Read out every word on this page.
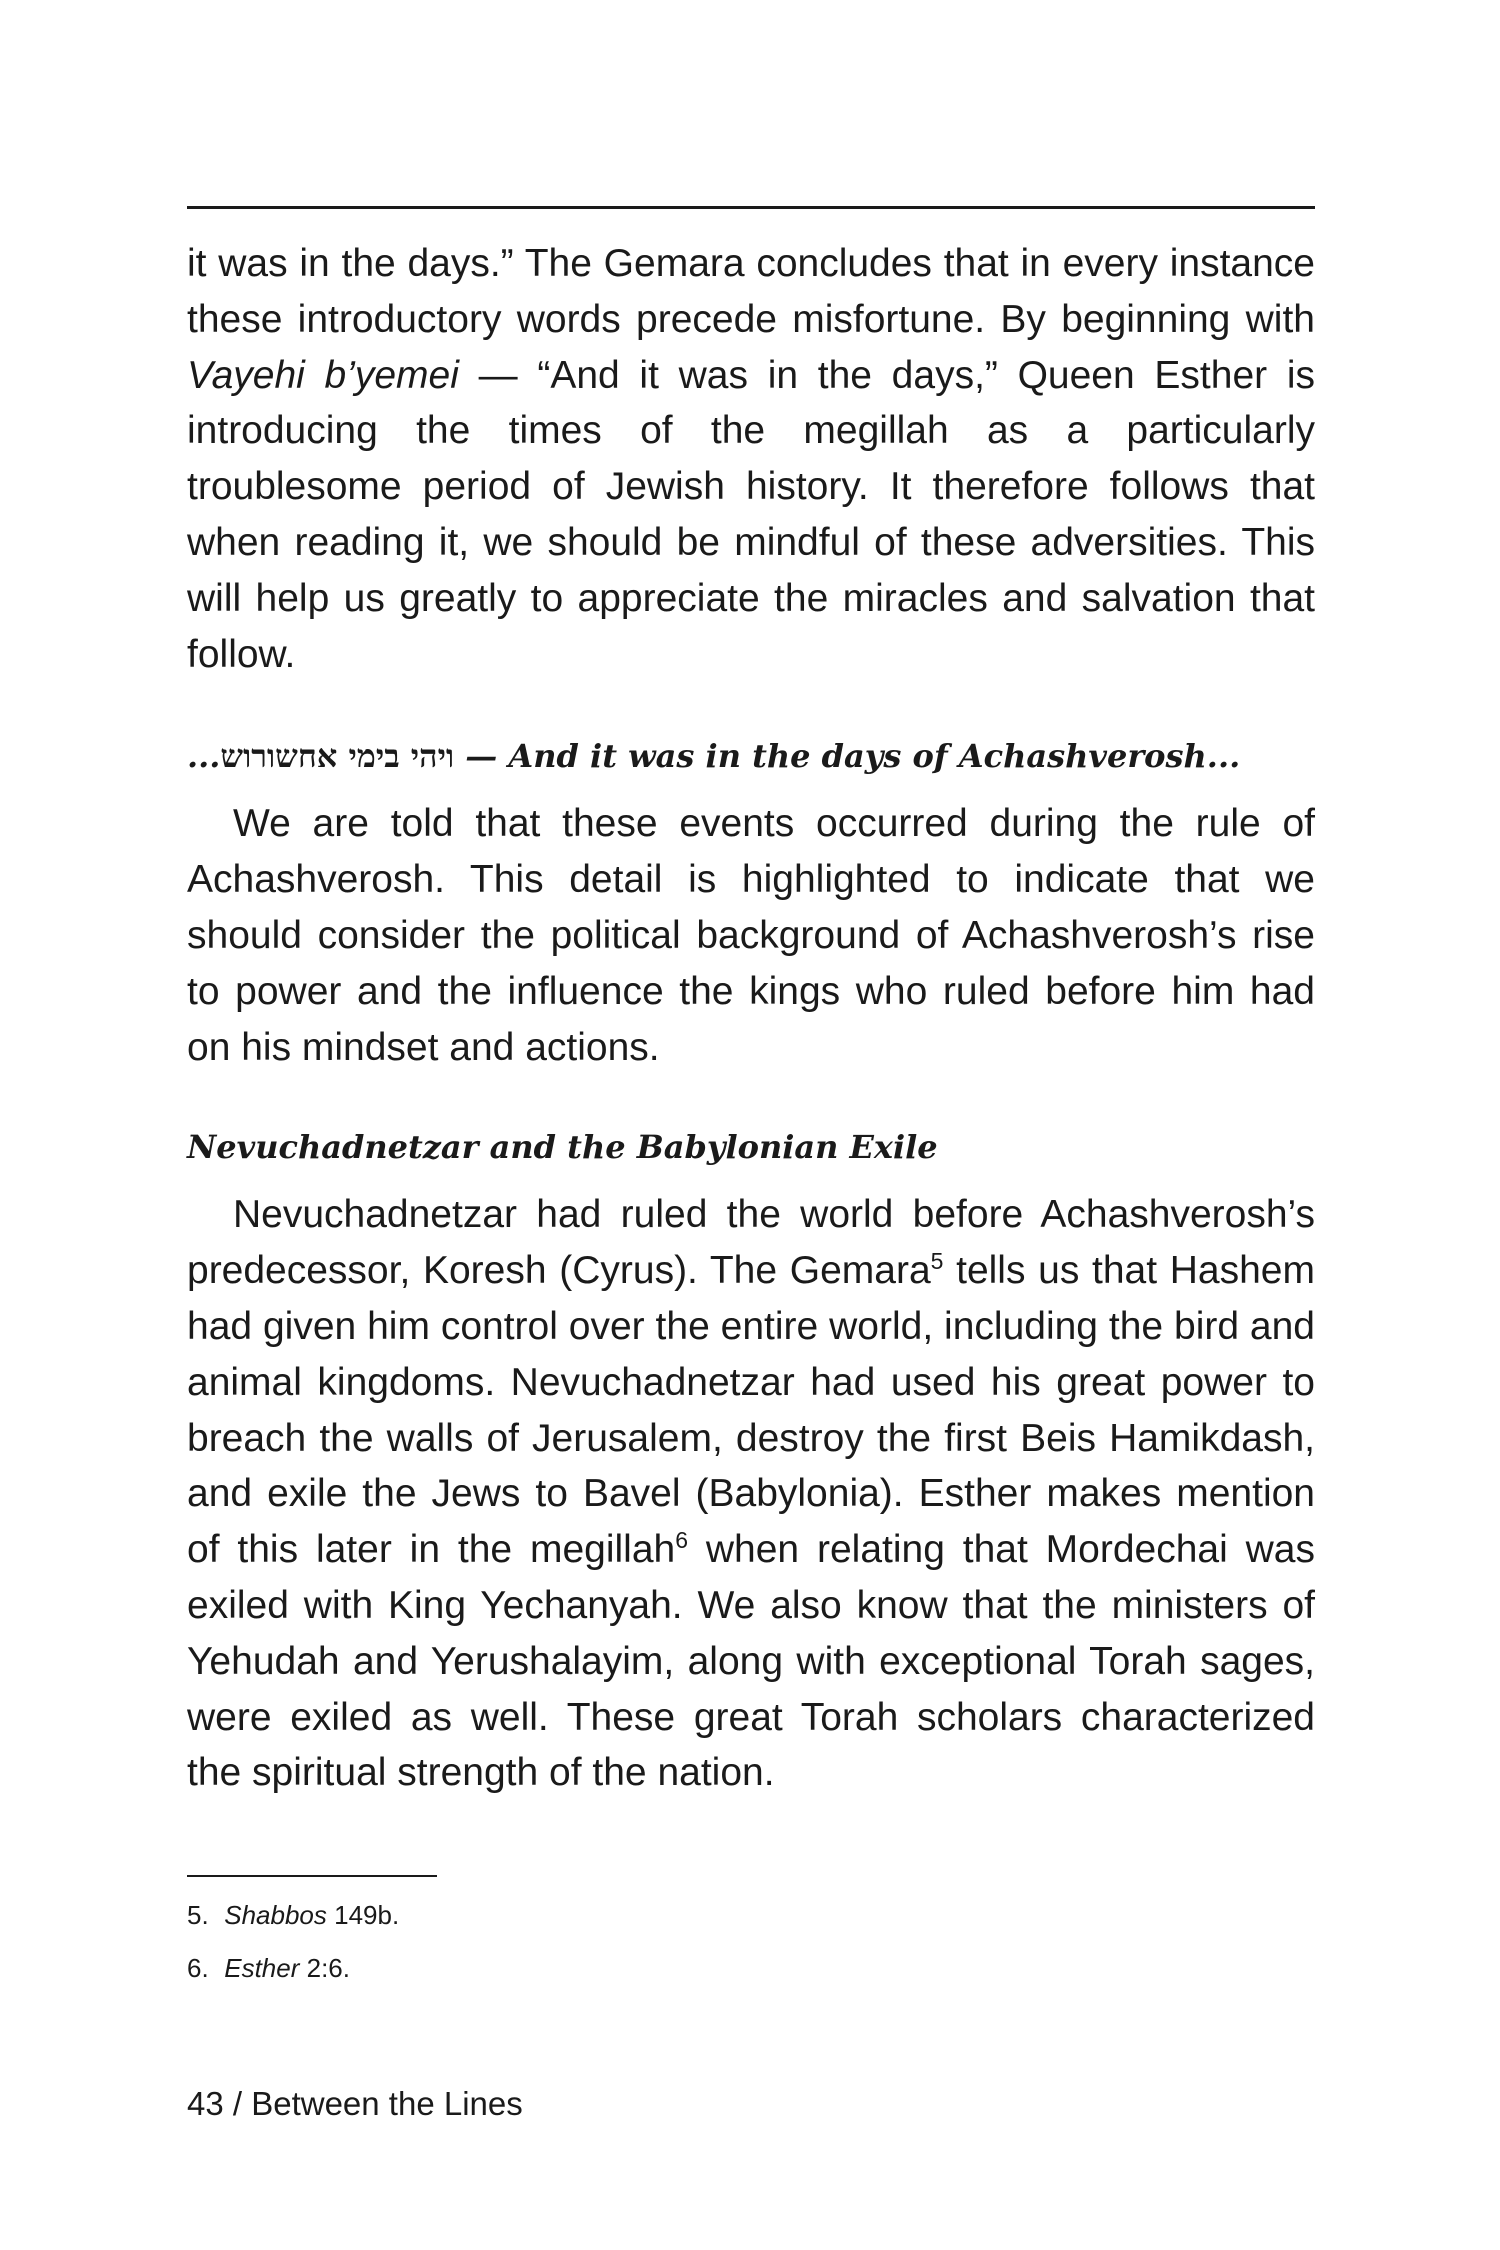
it was in the days.” The Gemara concludes that in every instance these introductory words precede misfortune. By beginning with Vayehi b’yemei — “And it was in the days,” Queen Esther is introducing the times of the megillah as a particularly troublesome period of Jewish history. It therefore follows that when reading it, we should be mindful of these adversities. This will help us greatly to appreciate the miracles and salvation that follow.

...ויהי בימי אחשורוש — And it was in the days of Achashverosh...

We are told that these events occurred during the rule of Achashverosh. This detail is highlighted to indicate that we should consider the political background of Achashverosh’s rise to power and the influence the kings who ruled before him had on his mindset and actions.

Nevuchadnetzar and the Babylonian Exile

Nevuchadnetzar had ruled the world before Achashverosh’s predecessor, Koresh (Cyrus). The Gemara$^5$ tells us that Hashem had given him control over the entire world, including the bird and animal kingdoms. Nevuchadnetzar had used his great power to breach the walls of Jerusalem, destroy the first Beis Hamikdash, and exile the Jews to Bavel (Babylonia). Esther makes mention of this later in the megillah$^6$ when relating that Mordechai was exiled with King Yechanyah. We also know that the ministers of Yehudah and Yerushalayim, along with exceptional Torah sages, were exiled as well. These great Torah scholars characterized the spiritual strength of the nation.

5. Shabbos 149b.

6. Esther 2:6.

43 / Between the Lines
